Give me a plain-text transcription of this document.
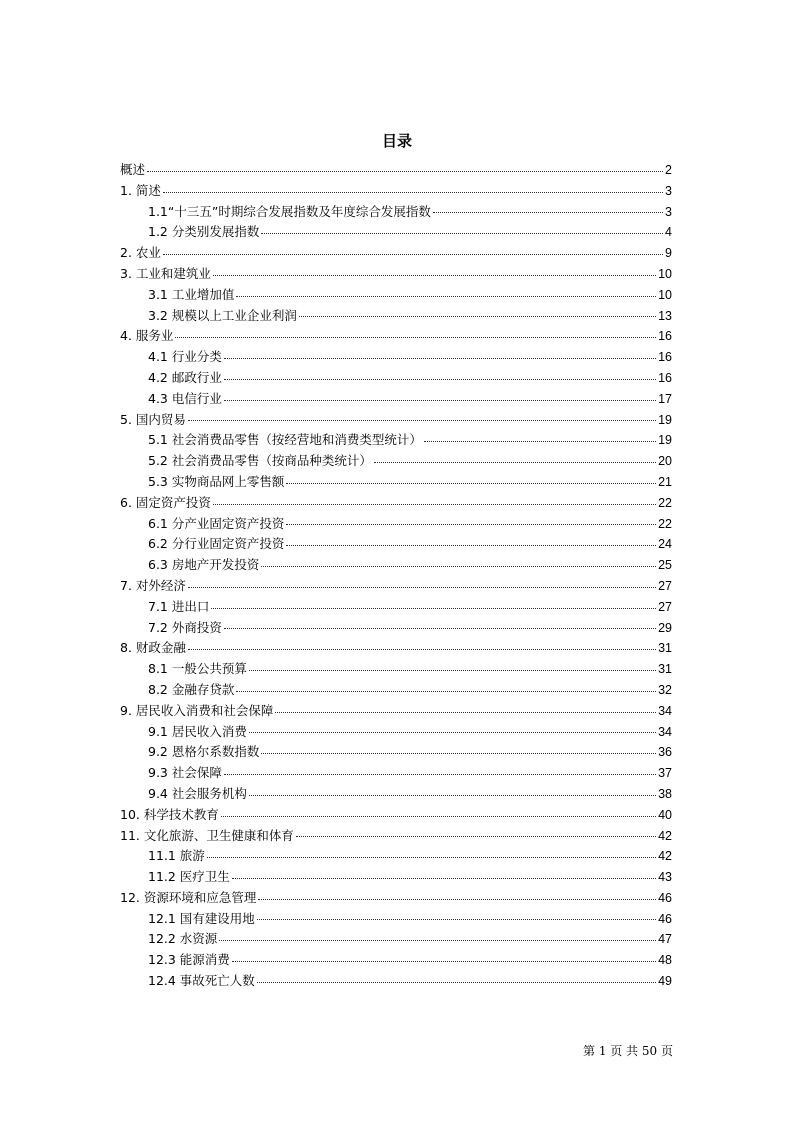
目录
概述	2
1. 简述	3
1.1“十三五”时期综合发展指数及年度综合发展指数	3
1.2 分类别发展指数	4
2. 农业	9
3. 工业和建筑业	10
3.1 工业增加值	10
3.2 规模以上工业企业利润	13
4. 服务业	16
4.1 行业分类	16
4.2 邮政行业	16
4.3 电信行业	17
5. 国内贸易	19
5.1 社会消费品零售（按经营地和消费类型统计）	19
5.2 社会消费品零售（按商品种类统计）	20
5.3 实物商品网上零售额	21
6. 固定资产投资	22
6.1 分产业固定资产投资	22
6.2 分行业固定资产投资	24
6.3 房地产开发投资	25
7. 对外经济	27
7.1 进出口	27
7.2 外商投资	29
8. 财政金融	31
8.1 一般公共预算	31
8.2 金融存贷款	32
9. 居民收入消费和社会保障	34
9.1 居民收入消费	34
9.2 恩格尔系数指数	36
9.3 社会保障	37
9.4 社会服务机构	38
10. 科学技术教育	40
11. 文化旅游、卫生健康和体育	42
11.1 旅游	42
11.2 医疗卫生	43
12. 资源环境和应急管理	46
12.1 国有建设用地	46
12.2 水资源	47
12.3 能源消费	48
12.4 事故死亡人数	49
第 1 页 共 50 页
